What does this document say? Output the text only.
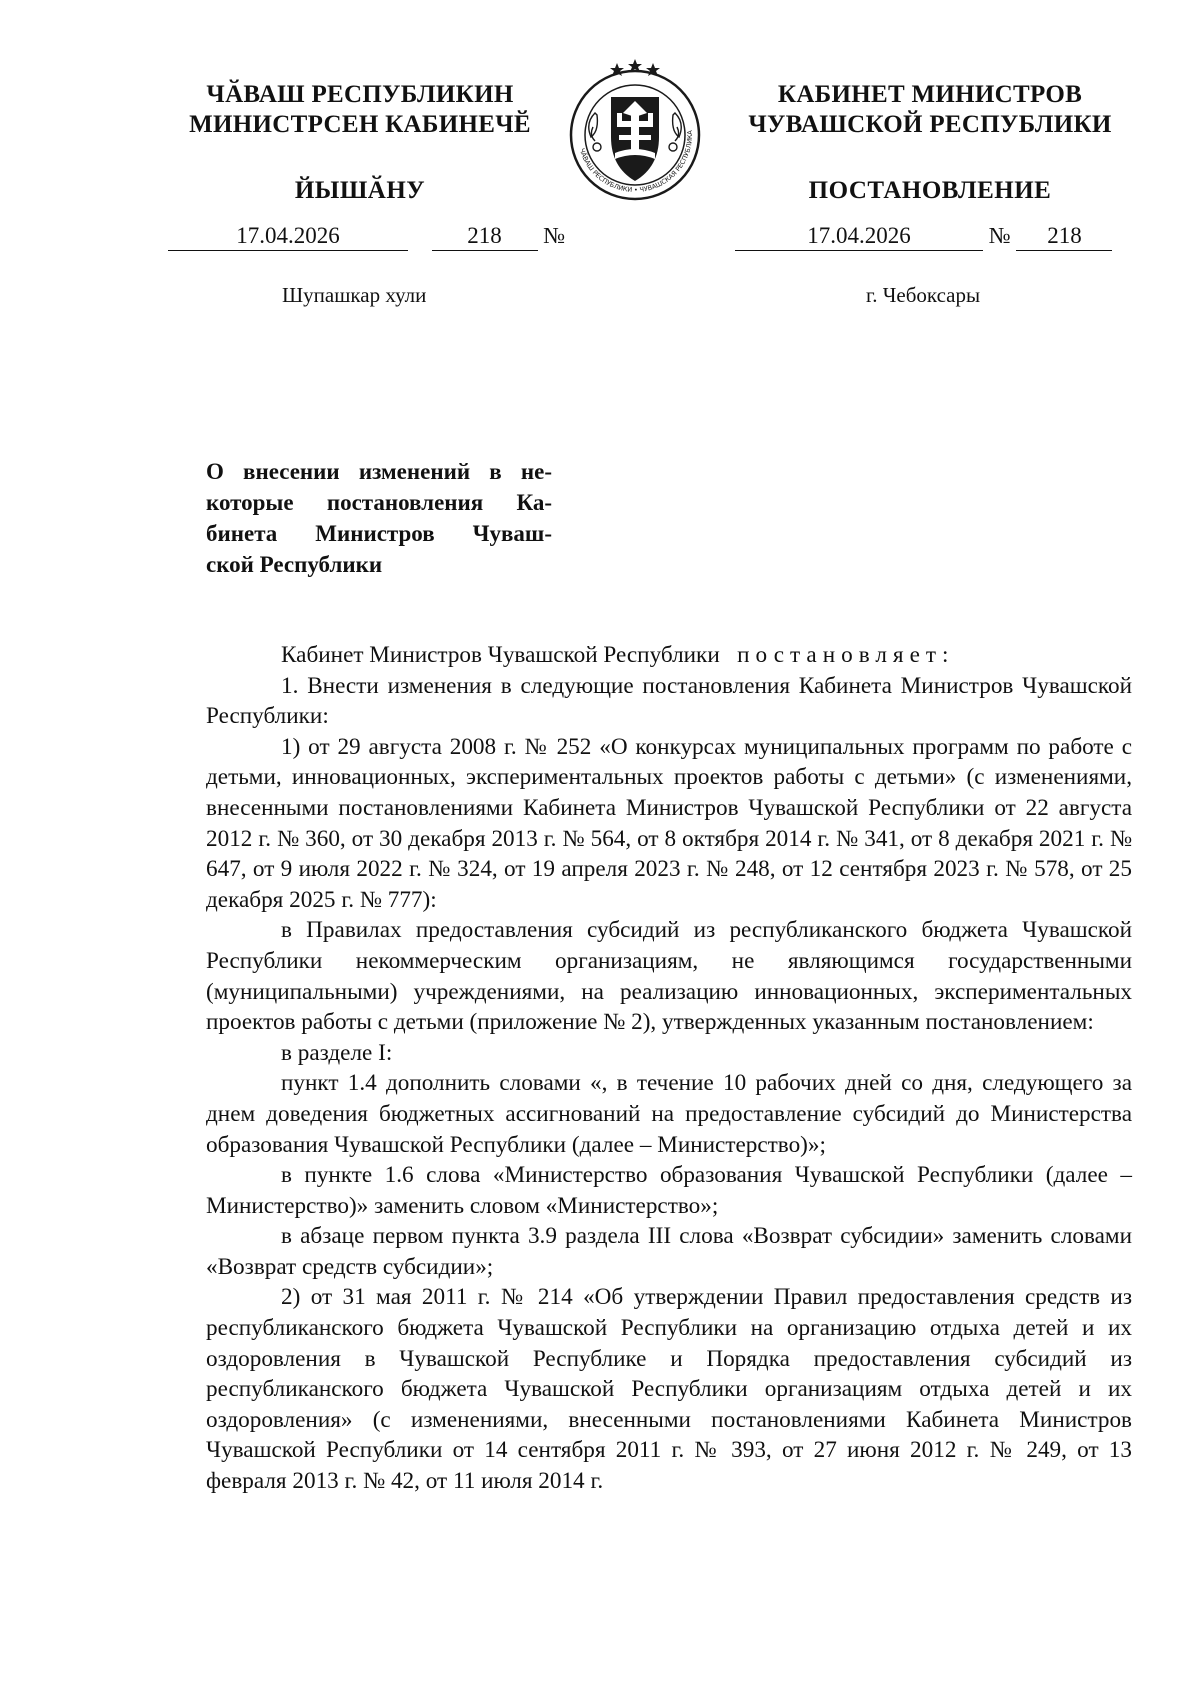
ЧӐВАШ РЕСПУБЛИКИН
МИНИСТРСЕН КАБИНЕЧӖ
ЙЫШӐНУ
ЧӐВАШ РЕСПУБЛИКИ • ЧУВАШСКАЯ РЕСПУБЛИКА
КАБИНЕТ МИНИСТРОВ
ЧУВАШСКОЙ РЕСПУБЛИКИ
ПОСТАНОВЛЕНИЕ
17.04.2026	218 №	17.04.2026	№ 218
Шупашкар хули	г. Чебоксары
О внесении изменений в не-
которые постановления Ка-
бинета Министров Чуваш-
ской Республики

Кабинет Министров Чувашской Республики постановляет:

1. Внести изменения в следующие постановления Кабинета Министров Чувашской Республики:

1) от 29 августа 2008 г. № 252 «О конкурсах муниципальных программ по работе с детьми, инновационных, экспериментальных проектов работы с детьми» (с изменениями, внесенными постановлениями Кабинета Министров Чувашской Республики от 22 августа 2012 г. № 360, от 30 декабря 2013 г. № 564, от 8 октября 2014 г. № 341, от 8 декабря 2021 г. № 647, от 9 июля 2022 г. № 324, от 19 апреля 2023 г. № 248, от 12 сентября 2023 г. № 578, от 25 декабря 2025 г. № 777):

в Правилах предоставления субсидий из республиканского бюджета Чувашской Республики некоммерческим организациям, не являющимся государственными (муниципальными) учреждениями, на реализацию инновационных, экспериментальных проектов работы с детьми (приложение № 2), утвержденных указанным постановлением:

в разделе I:

пункт 1.4 дополнить словами «, в течение 10 рабочих дней со дня, следующего за днем доведения бюджетных ассигнований на предоставление субсидий до Министерства образования Чувашской Республики (далее – Министерство)»;

в пункте 1.6 слова «Министерство образования Чувашской Республики (далее – Министерство)» заменить словом «Министерство»;

в абзаце первом пункта 3.9 раздела III слова «Возврат субсидии» заменить словами «Возврат средств субсидии»;

2) от 31 мая 2011 г. № 214 «Об утверждении Правил предоставления средств из республиканского бюджета Чувашской Республики на организацию отдыха детей и их оздоровления в Чувашской Республике и Порядка предоставления субсидий из республиканского бюджета Чувашской Республики организациям отдыха детей и их оздоровления» (с изменениями, внесенными постановлениями Кабинета Министров Чувашской Республики от 14 сентября 2011 г. № 393, от 27 июня 2012 г. № 249, от 13 февраля 2013 г. № 42, от 11 июля 2014 г.
